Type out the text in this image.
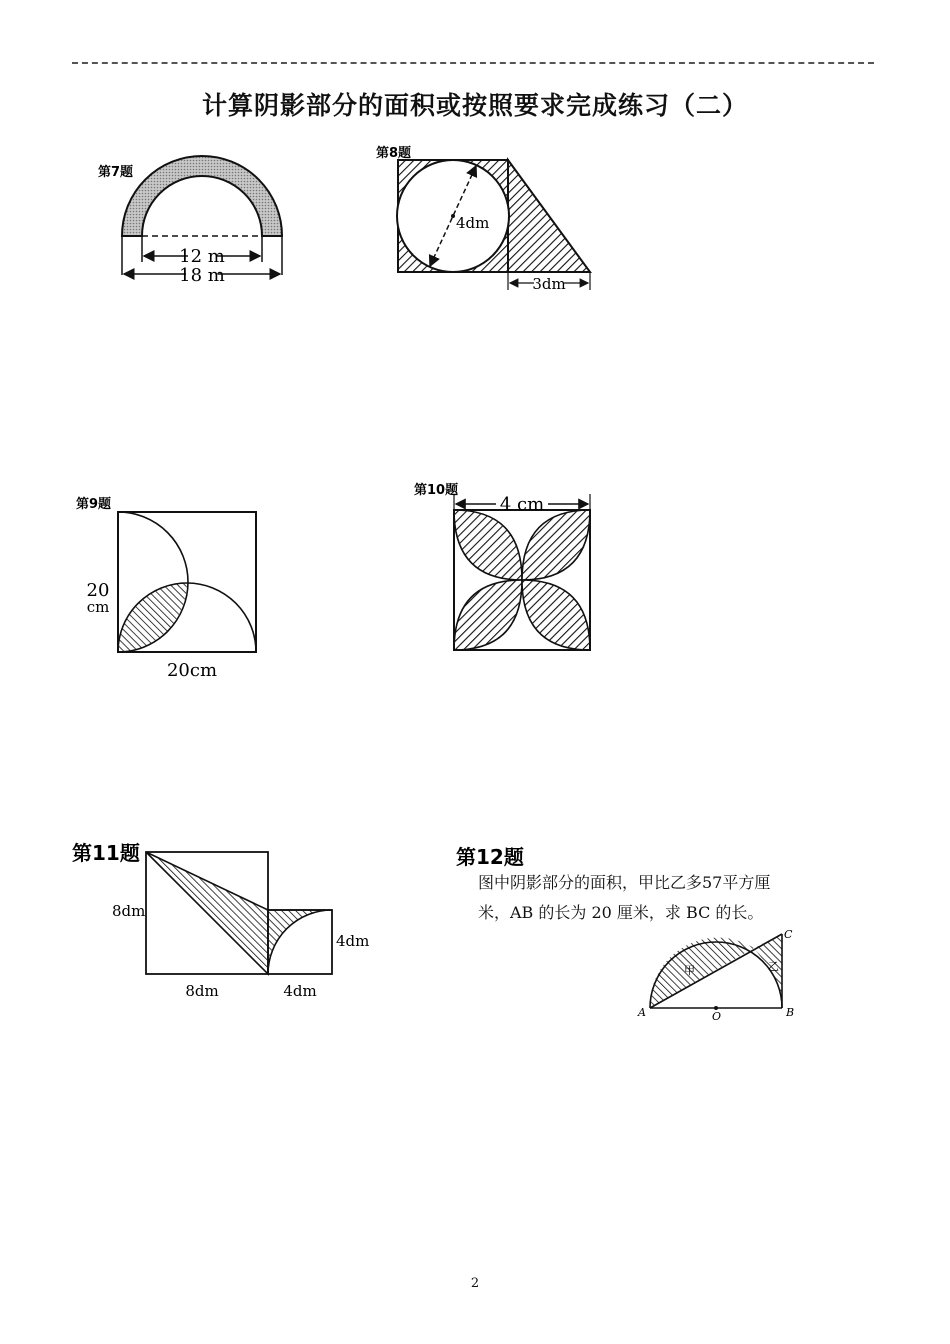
计算阴影部分的面积或按照要求完成练习（二）
第7题
12 m
18 m
第8题
4dm
3dm
第9题
20
cm
20cm
第10题
4 cm
第11题
8dm
8dm	4dm
4dm
第12题

图中阴影部分的面积，甲比乙多57平方厘

米，AB 的长为 20 厘米，求 BC 的长。

甲	乙
A	O	B
C
2
